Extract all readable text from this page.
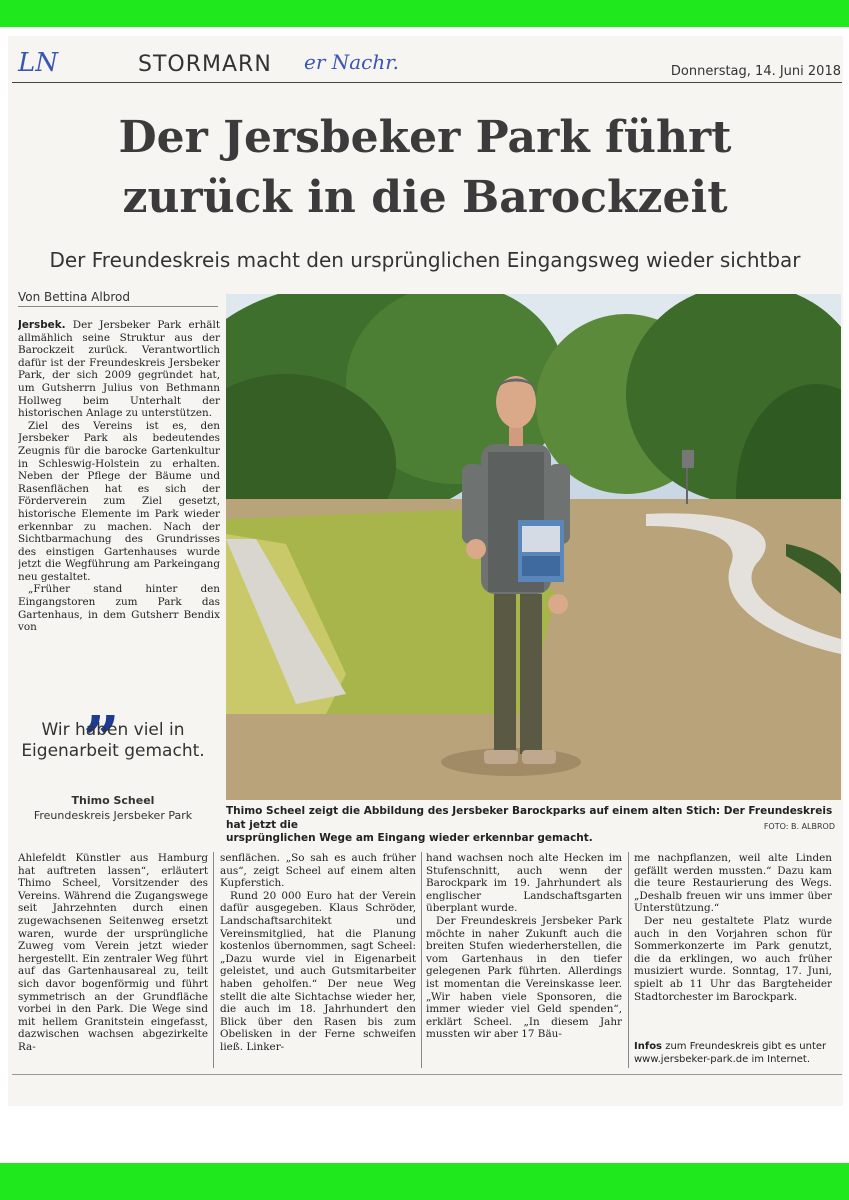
LN	STORMARN er Nachr.	Donnerstag, 14. Juni 2018
Der Jersbeker Park führt
zurück in die Barockzeit
Der Freundeskreis macht den ursprünglichen Eingangsweg wieder sichtbar
Von Bettina Albrod

Jersbek. Der Jersbeker Park erhält allmählich seine Struktur aus der Barockzeit zurück. Verantwortlich dafür ist der Freundeskreis Jersbeker Park, der sich 2009 gegründet hat, um Gutsherrn Julius von Bethmann Hollweg beim Unterhalt der historischen Anlage zu unterstützen.

Ziel des Vereins ist es, den Jersbeker Park als bedeutendes Zeugnis für die barocke Gartenkultur in Schleswig-Holstein zu erhalten. Neben der Pflege der Bäume und Rasenflächen hat es sich der Förderverein zum Ziel gesetzt, historische Elemente im Park wieder erkennbar zu machen. Nach der Sichtbarmachung des Grundrisses des einstigen Gartenhauses wurde jetzt die Wegführung am Parkeingang neu gestaltet.

„Früher stand hinter den Eingangstoren zum Park das Gartenhaus, in dem Gutsherr Bendix von

„
Wir haben viel in Eigenarbeit gemacht.
Thimo Scheel
Freundeskreis Jersbeker Park	Thimo Scheel zeigt die Abbildung des Jersbeker Barockparks auf einem alten Stich: Der Freundeskreis hat jetzt die
ursprünglichen Wege am Eingang wieder erkennbar gemacht.
FOTO: B. ALBROD

Ahlefeldt Künstler aus Hamburg hat auftreten lassen“, erläutert Thimo Scheel, Vorsitzender des Vereins. Während die Zugangswege seit Jahrzehnten durch einen zugewachsenen Seitenweg ersetzt waren, wurde der ursprüngliche Zuweg vom Verein jetzt wieder hergestellt. Ein zentraler Weg führt auf das Gartenhausareal zu, teilt sich davor bogenförmig und führt symmetrisch an der Grundfläche vorbei in den Park. Die Wege sind mit hellem Granitstein eingefasst, dazwischen wachsen abgezirkelte Ra-

senflächen. „So sah es auch früher aus“, zeigt Scheel auf einem alten Kupferstich.

Rund 20 000 Euro hat der Verein dafür ausgegeben. Klaus Schröder, Landschaftsarchitekt und Vereinsmitglied, hat die Planung kostenlos übernommen, sagt Scheel: „Dazu wurde viel in Eigenarbeit geleistet, und auch Gutsmitarbeiter haben geholfen.“ Der neue Weg stellt die alte Sichtachse wieder her, die auch im 18. Jahrhundert den Blick über den Rasen bis zum Obelisken in der Ferne schweifen ließ. Linker-

hand wachsen noch alte Hecken im Stufenschnitt, auch wenn der Barockpark im 19. Jahrhundert als englischer Landschaftsgarten überplant wurde.

Der Freundeskreis Jersbeker Park möchte in naher Zukunft auch die breiten Stufen wiederherstellen, die vom Gartenhaus in den tiefer gelegenen Park führten. Allerdings ist momentan die Vereinskasse leer. „Wir haben viele Sponsoren, die immer wieder viel Geld spenden“, erklärt Scheel. „In diesem Jahr mussten wir aber 17 Bäu-

me nachpflanzen, weil alte Linden gefällt werden mussten.“ Dazu kam die teure Restaurierung des Wegs. „Deshalb freuen wir uns immer über Unterstützung.“

Der neu gestaltete Platz wurde auch in den Vorjahren schon für Sommerkonzerte im Park genutzt, die da erklingen, wo auch früher musiziert wurde. Sonntag, 17. Juni, spielt ab 11 Uhr das Bargteheider Stadtorchester im Barockpark.

Infos zum Freundeskreis gibt es unter www.jersbeker-park.de im Internet.
